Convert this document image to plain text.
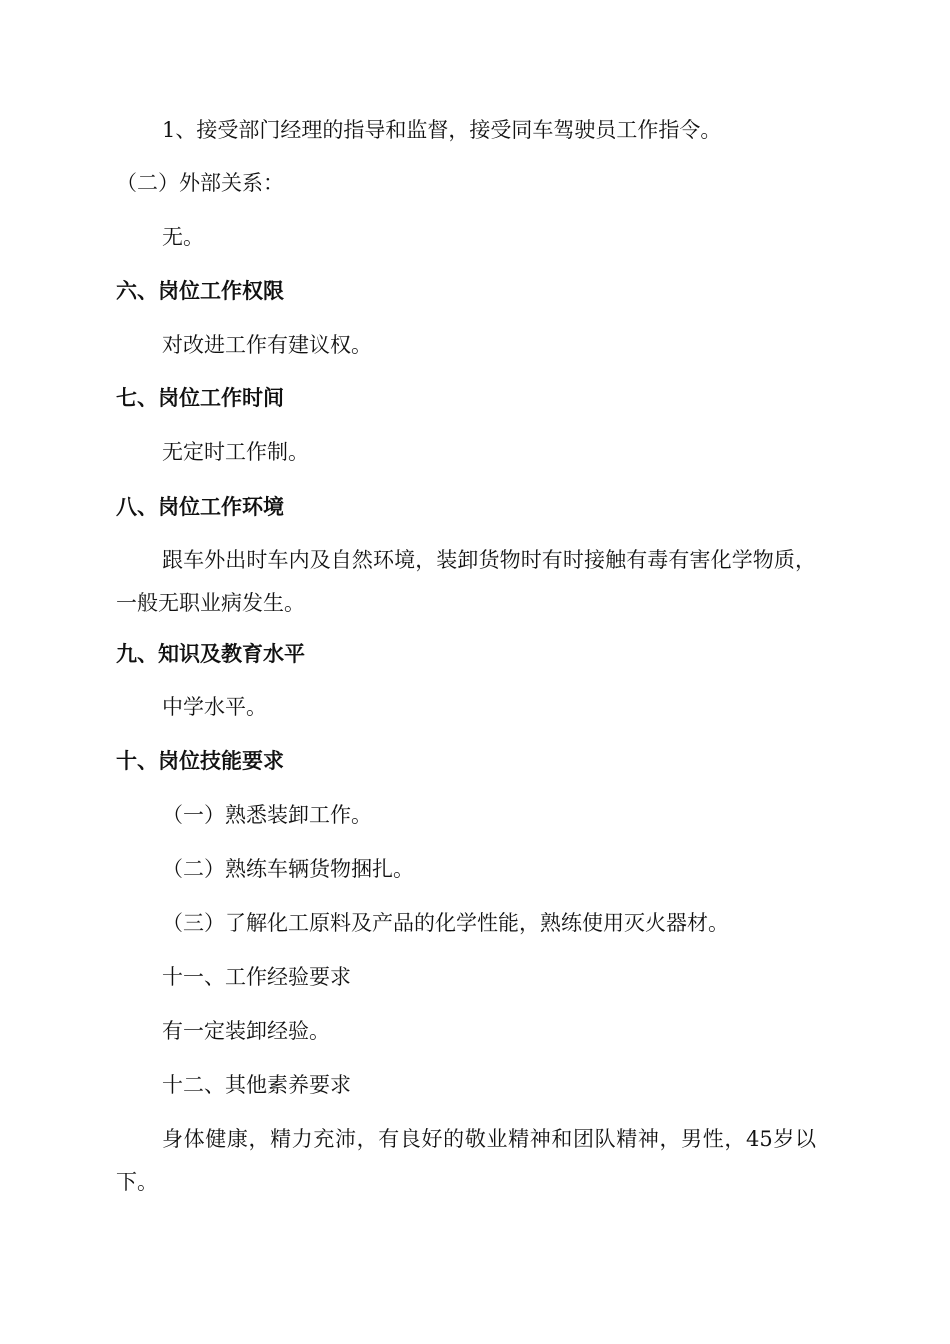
1、接受部门经理的指导和监督，接受同车驾驶员工作指令。
（二）外部关系：
无。
六、岗位工作权限
对改进工作有建议权。
七、岗位工作时间
无定时工作制。
八、岗位工作环境
跟车外出时车内及自然环境，装卸货物时有时接触有毒有害化学物质，一般无职业病发生。
九、知识及教育水平
中学水平。
十、岗位技能要求
（一）熟悉装卸工作。
（二）熟练车辆货物捆扎。
（三）了解化工原料及产品的化学性能，熟练使用灭火器材。
十一、工作经验要求
有一定装卸经验。
十二、其他素养要求
身体健康，精力充沛，有良好的敬业精神和团队精神，男性，45岁以下。
